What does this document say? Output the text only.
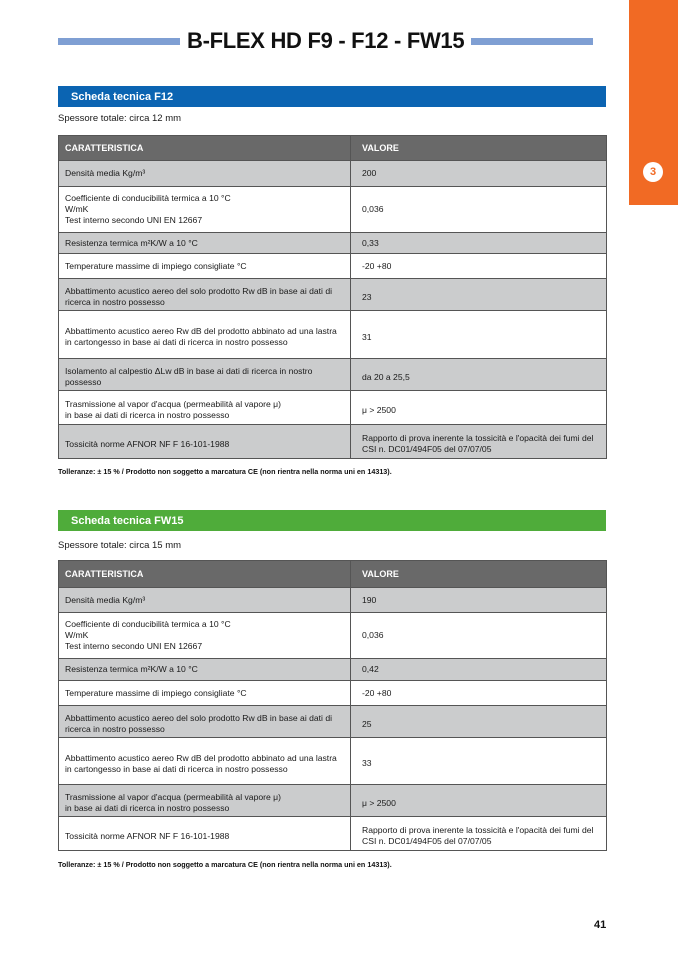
B-FLEX HD F9 - F12 - FW15
3
Scheda tecnica F12
Spessore totale: circa 12 mm
CARATTERISTICA	VALORE
Densità media Kg/m³	200
Coefficiente di conducibilità termica a 10 °C
W/mK
Test interno secondo UNI EN 12667	0,036
Resistenza termica m²K/W a 10 °C	0,33
Temperature massime di impiego consigliate °C	-20 +80
Abbattimento acustico aereo del solo prodotto Rw dB in base ai dati di ricerca in nostro possesso	23
Abbattimento acustico aereo Rw dB del prodotto abbinato ad una lastra in cartongesso in base ai dati di ricerca in nostro possesso	31
Isolamento al calpestio ΔLw dB in base ai dati di ricerca in nostro possesso	da 20 a 25,5
Trasmissione al vapor d'acqua (permeabilità al vapore μ)
in base ai dati di ricerca in nostro possesso	μ > 2500
Tossicità norme AFNOR NF F 16-101-1988	Rapporto di prova inerente la tossicità e l'opacità dei fumi del CSI n. DC01/494F05 del 07/07/05
Tolleranze: ± 15 % / Prodotto non soggetto a marcatura CE (non rientra nella norma uni en 14313).
Scheda tecnica FW15
Spessore totale: circa 15 mm
CARATTERISTICA	VALORE
Densità media Kg/m³	190
Coefficiente di conducibilità termica a 10 °C
W/mK
Test interno secondo UNI EN 12667	0,036
Resistenza termica m²K/W a 10 °C	0,42
Temperature massime di impiego consigliate °C	-20 +80
Abbattimento acustico aereo del solo prodotto Rw dB in base ai dati di ricerca in nostro possesso	25
Abbattimento acustico aereo Rw dB del prodotto abbinato ad una lastra in cartongesso in base ai dati di ricerca in nostro possesso	33
Trasmissione al vapor d'acqua (permeabilità al vapore μ)
in base ai dati di ricerca in nostro possesso	μ > 2500
Tossicità norme AFNOR NF F 16-101-1988	Rapporto di prova inerente la tossicità e l'opacità dei fumi del CSI n. DC01/494F05 del 07/07/05
Tolleranze: ± 15 % / Prodotto non soggetto a marcatura CE (non rientra nella norma uni en 14313).
41
